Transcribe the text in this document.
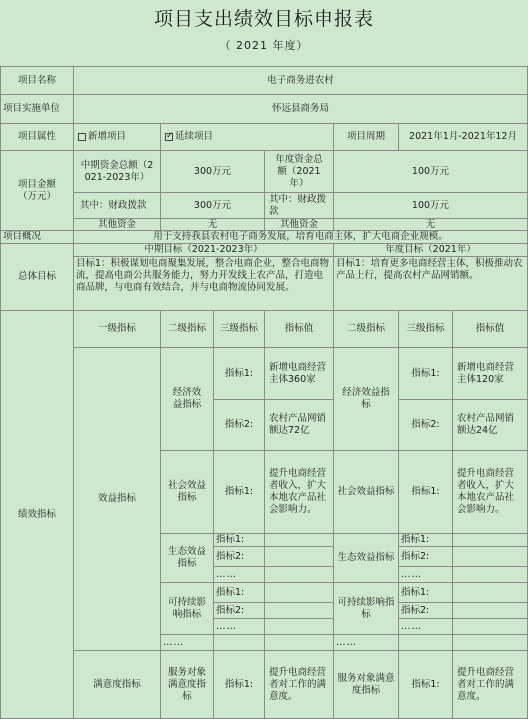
项目支出绩效目标申报表
（ 2021 年度）
项目名称	电子商务进农村
项目实施单位	怀远县商务局
项目属性	新增项目
✓	延续项目	项目周期	2021年1月-2021年12月
项目金额（万元）
中期资金总额（2021-2023年）
300万元
年度资金总额（2021年）
100万元
其中：财政拨款	300万元
其中：财政拨款
100万元
其他资金	无	其他资金	无
项目概况	用于支持我县农村电子商务发展，培育电商主体，扩大电商企业规模。
总体目标
中期目标（2021-2023年）	年度目标（2021年）
目标1：积极谋划电商聚集发展，整合电商企业，整合电商物流，提高电商公共服务能力，努力开发线上农产品，打造电商品牌，与电商有效结合，并与电商物流协同发展。
目标1：培育更多电商经营主体，积极推动农产品上行，提高农村产品网销额。
绩效指标
一级指标	二级指标	三级指标	指标值	二级指标	三级指标	指标值
效益指标
经济效益指标
指标1:
新增电商经营主体360家
指标2:
农村产品网销额达72亿
经济效益指标
指标1:
新增电商经营主体120家
指标2:
农村产品网销额达24亿
社会效益指标
指标1:
提升电商经营者收入，扩大本地农产品社会影响力。
社会效益指标	指标1:
提升电商经营者收入，扩大本地农产品社会影响力。
生态效益指标
指标1:
指标2:
……
生态效益指标
指标1:
指标2:
……
可持续影响指标
指标1:
指标2:
……
……
可持续影响指标
指标1:
指标2:
……
……
满意度指标
服务对象满意度指标
指标1:
提升电商经营者对工作的满意度。
服务对象满意度指标
指标1:
提升电商经营者对工作的满意度。
